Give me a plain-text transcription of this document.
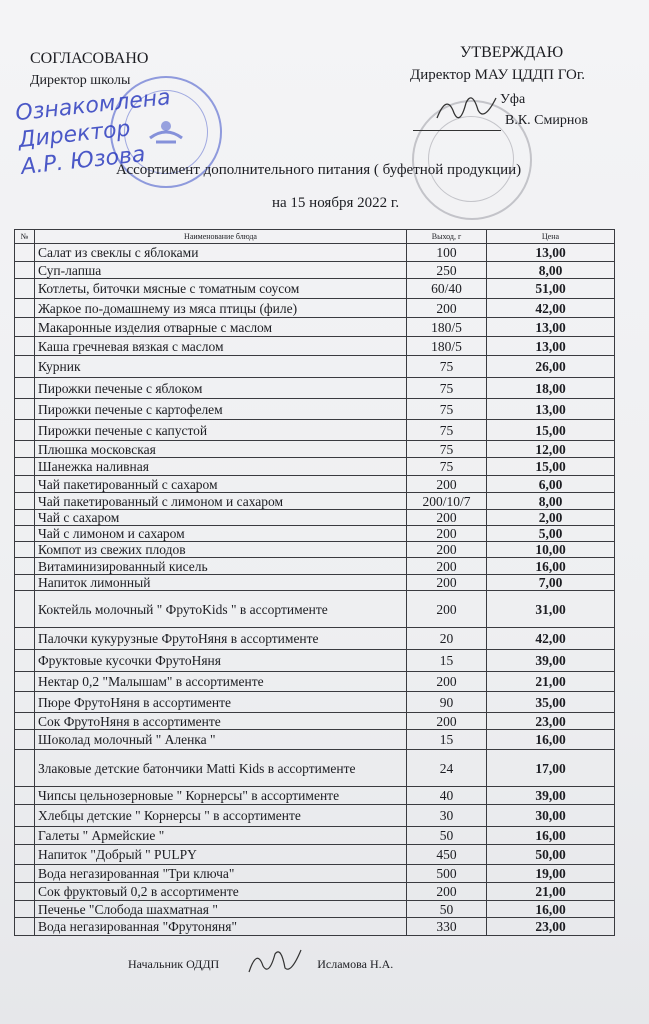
СОГЛАСОВАНО
Директор школы
Ознакомлена
Директор
А.Р. Юзова
УТВЕРЖДАЮ
Директор МАУ ЦДДП ГОг.
Уфа
В.К. Смирнов
Ассортимент дополнительного питания ( буфетной продукции)
на 15 ноября 2022 г.
№	Наименование блюда	Выход, г	Цена
	Салат из свеклы с яблоками	100	13,00
	Суп-лапша	250	8,00
	Котлеты, биточки мясные с томатным соусом	60/40	51,00
	Жаркое по-домашнему из мяса птицы (филе)	200	42,00
	Макаронные изделия отварные с маслом	180/5	13,00
	Каша гречневая вязкая с маслом	180/5	13,00
	Курник	75	26,00
	Пирожки печеные с яблоком	75	18,00
	Пирожки печеные с картофелем	75	13,00
	Пирожки печеные с капустой	75	15,00
	Плюшка московская	75	12,00
	Шанежка наливная	75	15,00
	Чай пакетированный с сахаром	200	6,00
	Чай пакетированный с лимоном и сахаром	200/10/7	8,00
	Чай с сахаром	200	2,00
	Чай с лимоном и сахаром	200	5,00
	Компот из свежих плодов	200	10,00
	Витаминизированный кисель	200	16,00
	Напиток лимонный	200	7,00
	Коктейль молочный " ФрутоKids " в ассортименте	200	31,00
	Палочки кукурузные ФрутоНяня в ассортименте	20	42,00
	Фруктовые кусочки ФрутоНяня	15	39,00
	Нектар 0,2 "Малышам" в ассортименте	200	21,00
	Пюре ФрутоНяня в ассортименте	90	35,00
	Сок ФрутоНяня в ассортименте	200	23,00
	Шоколад молочный " Аленка "	15	16,00
	Злаковые детские батончики Matti Kids в ассортименте	24	17,00
	Чипсы цельнозерновые " Корнерсы" в ассортименте	40	39,00
	Хлебцы детские " Корнерсы " в ассортименте	30	30,00
	Галеты " Армейские "	50	16,00
	Напиток "Добрый " PULPY	450	50,00
	Вода негазированная "Три ключа"	500	19,00
	Сок фруктовый 0,2 в ассортименте	200	21,00
	Печенье "Слобода шахматная "	50	16,00
	Вода негазированная "Фрутоняня"	330	23,00
Начальник ОДДП	Исламова Н.А.
